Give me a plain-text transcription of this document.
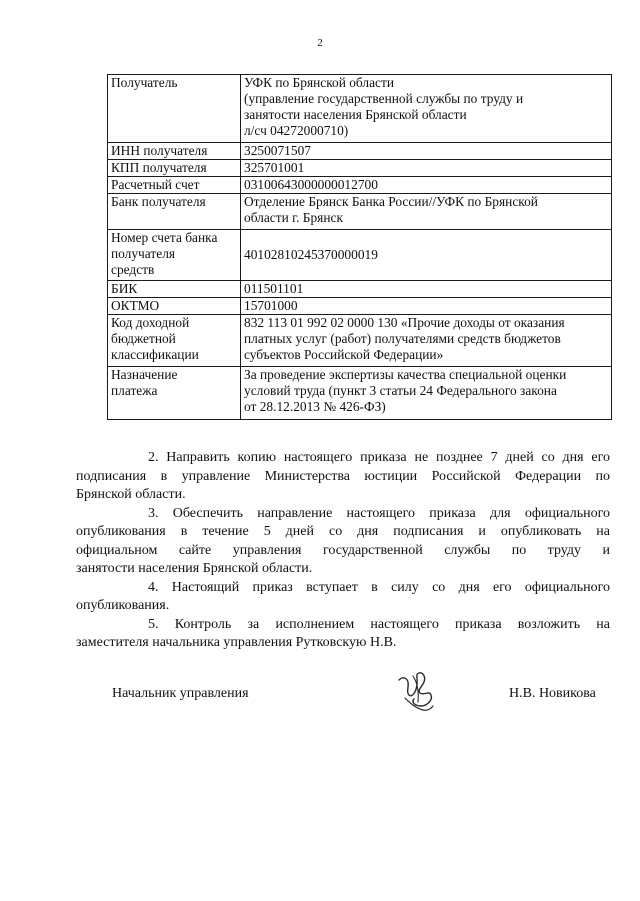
2
Получатель	УФК по Брянской области
(управление государственной службы по труду и
занятости населения Брянской области
л/сч 04272000710)

ИНН получателя	3250071507

КПП получателя	325701001

Расчетный счет	03100643000000012700

Банк получателя	Отделение Брянск Банка России//УФК по Брянской
области г. Брянск

Номер счета банка
получателя
средств	40102810245370000019

БИК	011501101

ОКТМО	15701000

Код доходной
бюджетной
классификации	832 113 01 992 02 0000 130 «Прочие доходы от оказания
платных услуг (работ) получателями средств бюджетов
субъектов Российской Федерации»

Назначение
платежа	За проведение экспертизы качества специальной оценки
условий труда (пункт 3 статьи 24 Федерального закона
от 28.12.2013 № 426-ФЗ)

2. Направить копию настоящего приказа не позднее 7 дней со дня его
подписания в управление Министерства юстиции Российской Федерации по
Брянской области.

3. Обеспечить направление настоящего приказа для официального
опубликования в течение 5 дней со дня подписания и опубликовать на
официальном сайте управления государственной службы по труду и
занятости населения Брянской области.

4. Настоящий приказ вступает в силу со дня его официального
опубликования.

5. Контроль за исполнением настоящего приказа возложить на
заместителя начальника управления Рутковскую Н.В.

Начальник управления	Н.В. Новикова
